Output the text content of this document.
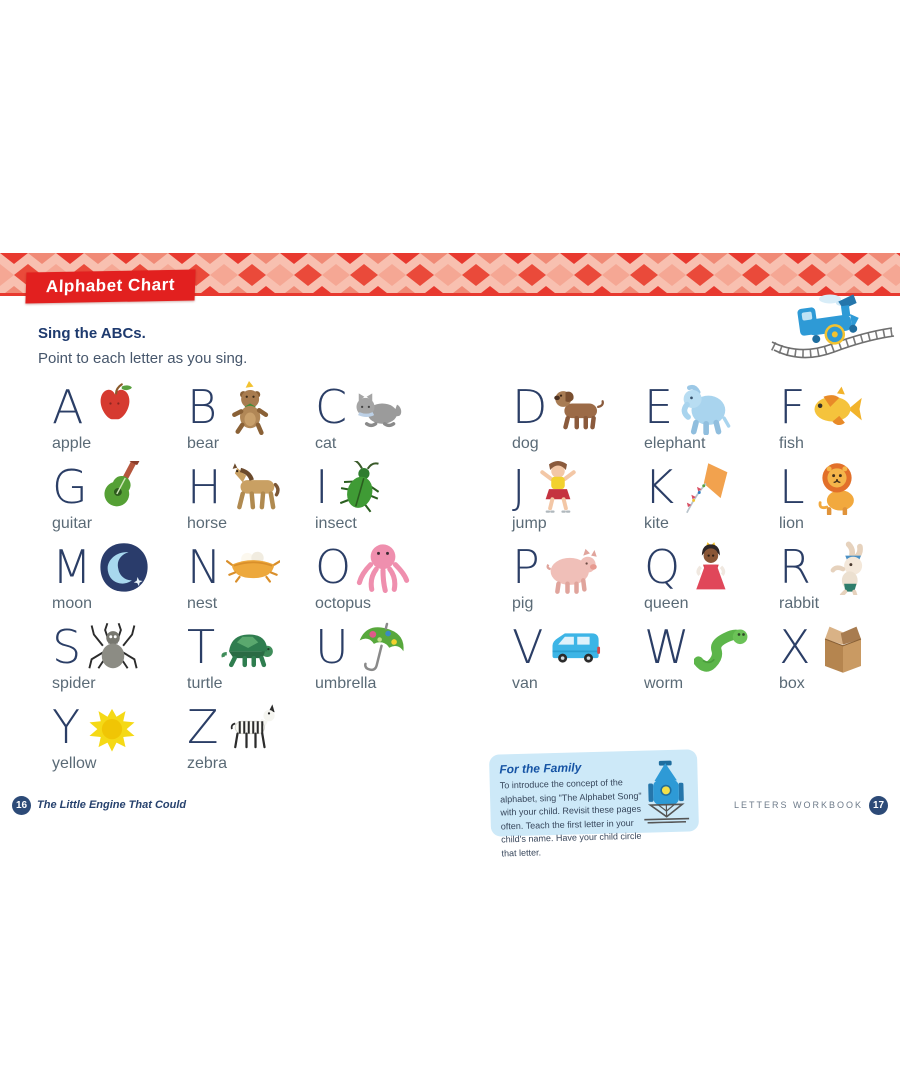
Alphabet Chart
Sing the ABCs.
Point to each letter as you sing.
A
apple
B
bear
C
cat
G
guitar
H
horse
I
insect
M
moon
N
nest
O
octopus
S
spider
T
turtle
U
umbrella
Y
yellow
Z
zebra
D
dog
E
elephant
F
fish
J
jump
K
kite
L
lion
P
pig
Q
queen
R
rabbit
V
van
W
worm
X
box
For the Family
To introduce the concept of the alphabet, sing "The Alphabet Song" with your child. Revisit these pages often. Teach the first letter in your child's name. Have your child circle that letter.
16 The Little Engine That Could	LETTERS WORKBOOK 17
